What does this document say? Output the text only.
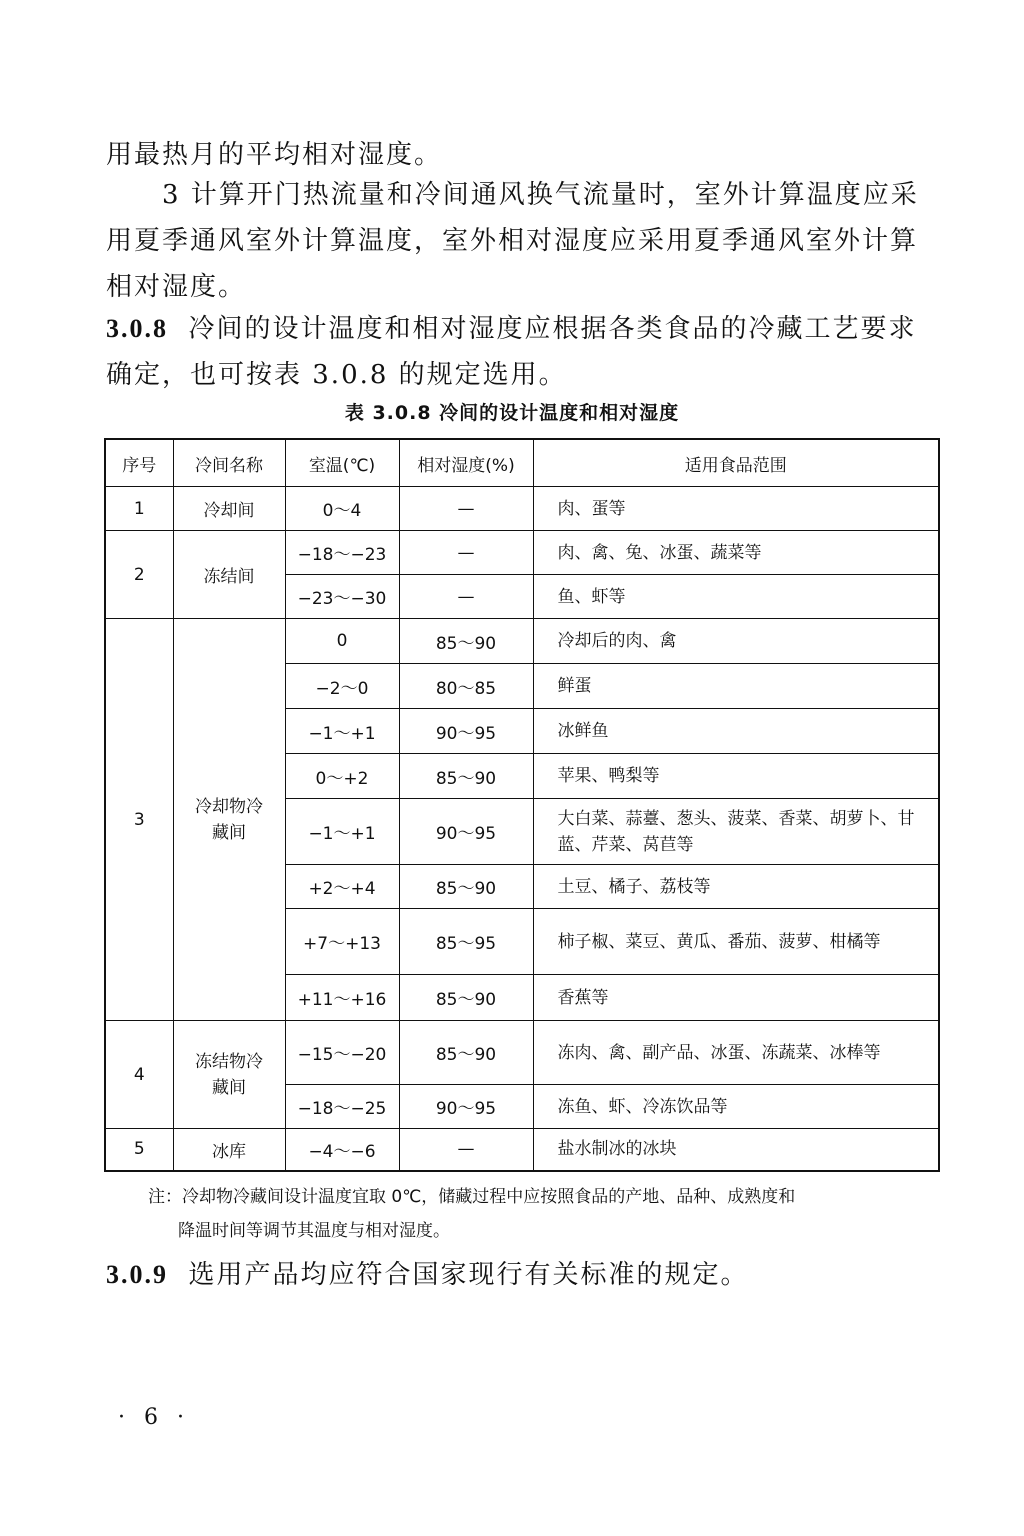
用最热月的平均相对湿度。

3 计算开门热流量和冷间通风换气流量时，室外计算温度应采用夏季通风室外计算温度，室外相对湿度应采用夏季通风室外计算相对湿度。

3.0.8 冷间的设计温度和相对湿度应根据各类食品的冷藏工艺要求确定，也可按表 3.0.8 的规定选用。

表 3.0.8 冷间的设计温度和相对湿度
序号	冷间名称	室温(℃)	相对湿度(%)	适用食品范围
1	冷却间	0～4	—	肉、蛋等
2	冻结间	−18～−23	—	肉、禽、兔、冰蛋、蔬菜等
		−23～−30	—	鱼、虾等
3	冷却物冷藏间	0	85～90	冷却后的肉、禽
		−2～0	80～85	鲜蛋
		−1～+1	90～95	冰鲜鱼
		0～+2	85～90	苹果、鸭梨等
		−1～+1	90～95	大白菜、蒜薹、葱头、菠菜、香菜、胡萝卜、甘蓝、芹菜、莴苣等
		+2～+4	85～90	土豆、橘子、荔枝等
		+7～+13	85～95	柿子椒、菜豆、黄瓜、番茄、菠萝、柑橘等
		+11～+16	85～90	香蕉等
4	冻结物冷藏间	−15～−20	85～90	冻肉、禽、副产品、冰蛋、冻蔬菜、冰棒等
		−18～−25	90～95	冻鱼、虾、冷冻饮品等
5	冰库	−4～−6	—	盐水制冰的冰块
注：冷却物冷藏间设计温度宜取 0℃，储藏过程中应按照食品的产地、品种、成熟度和
降温时间等调节其温度与相对湿度。

3.0.9 选用产品均应符合国家现行有关标准的规定。

· 6 ·
